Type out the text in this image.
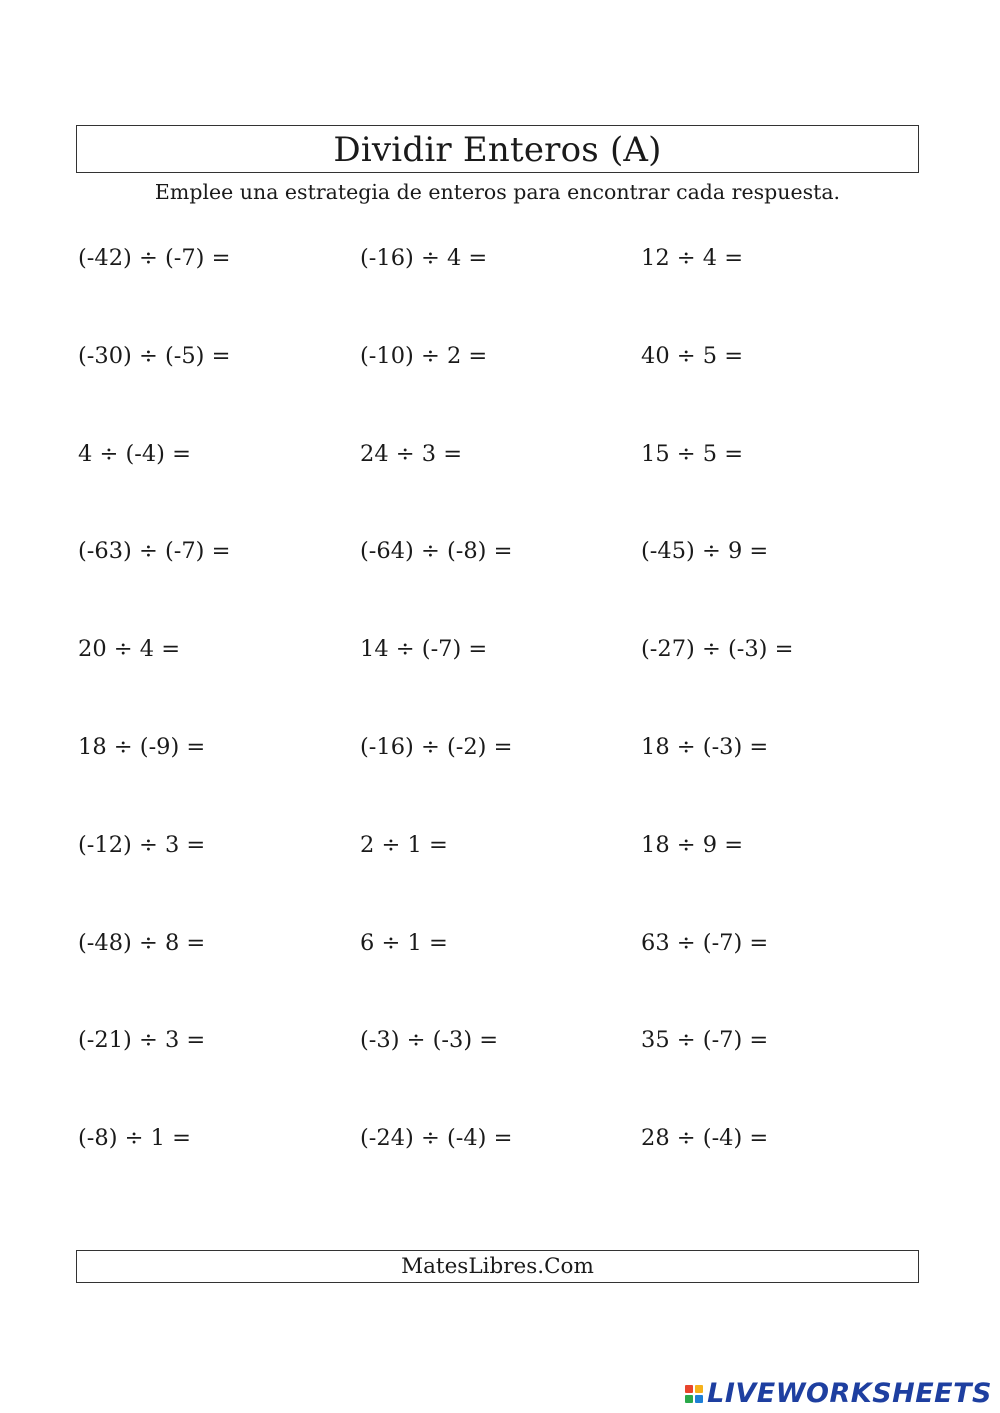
Dividir Enteros (A)
Emplee una estrategia de enteros para encontrar cada respuesta.
(-42) ÷ (-7) =	(-16) ÷ 4 =	12 ÷ 4 =
(-30) ÷ (-5) =	(-10) ÷ 2 =	40 ÷ 5 =
4 ÷ (-4) =	24 ÷ 3 =	15 ÷ 5 =
(-63) ÷ (-7) =	(-64) ÷ (-8) =	(-45) ÷ 9 =
20 ÷ 4 =	14 ÷ (-7) =	(-27) ÷ (-3) =
18 ÷ (-9) =	(-16) ÷ (-2) =	18 ÷ (-3) =
(-12) ÷ 3 =	2 ÷ 1 =	18 ÷ 9 =
(-48) ÷ 8 =	6 ÷ 1 =	63 ÷ (-7) =
(-21) ÷ 3 =	(-3) ÷ (-3) =	35 ÷ (-7) =
(-8) ÷ 1 =	(-24) ÷ (-4) =	28 ÷ (-4) =
MatesLibres.Com
LIVEWORKSHEETS
